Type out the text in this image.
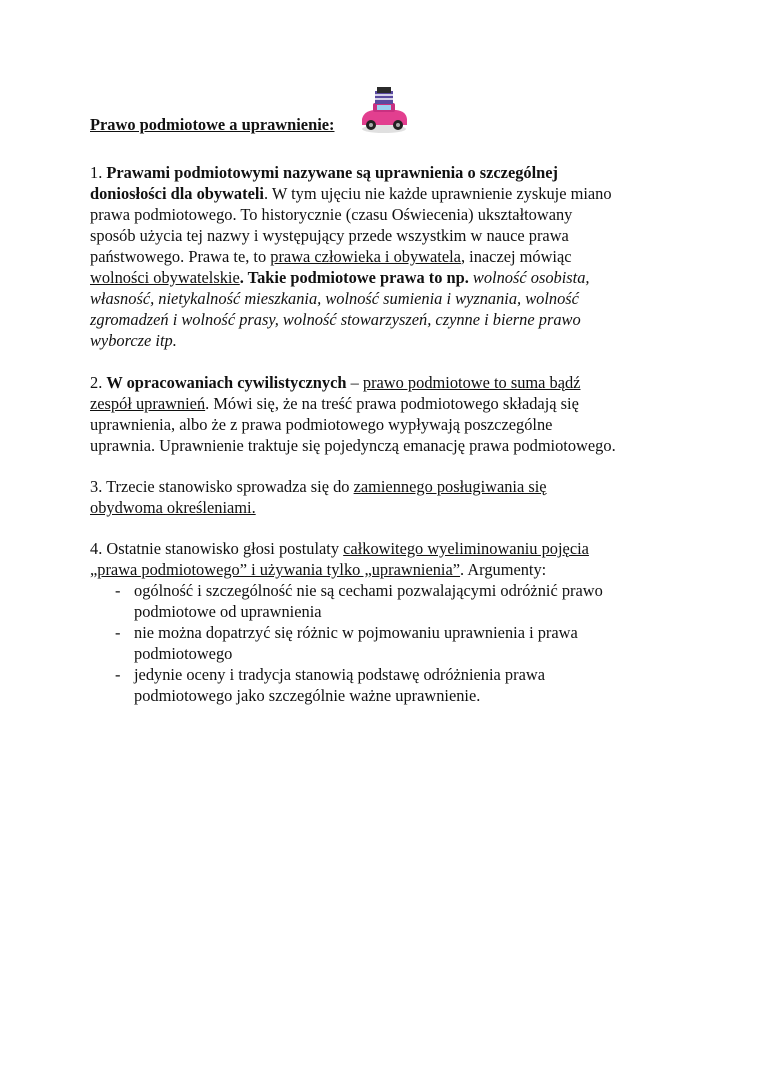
Prawo podmiotowe a uprawnienie:
1. Prawami podmiotowymi nazywane są uprawnienia o szczególnej
doniosłości dla obywateli. W tym ujęciu nie każde uprawnienie zyskuje miano
prawa podmiotowego. To historycznie (czasu Oświecenia) ukształtowany
sposób użycia tej nazwy i występujący przede wszystkim w nauce prawa
państwowego. Prawa te, to prawa człowieka i obywatela, inaczej mówiąc
wolności obywatelskie. Takie podmiotowe prawa to np. wolność osobista,
własność, nietykalność mieszkania, wolność sumienia i wyznania, wolność
zgromadzeń i wolność prasy, wolność stowarzyszeń, czynne i bierne prawo
wyborcze itp.
2. W opracowaniach cywilistycznych – prawo podmiotowe to suma bądź
zespół uprawnień. Mówi się, że na treść prawa podmiotowego składają się
uprawnienia, albo że z prawa podmiotowego wypływają poszczególne
uprawnia. Uprawnienie traktuje się pojedynczą emanację prawa podmiotowego.
3. Trzecie stanowisko sprowadza się do zamiennego posługiwania się
obydwoma określeniami.
4. Ostatnie stanowisko głosi postulaty całkowitego wyeliminowaniu pojęcia
„prawa podmiotowego” i używania tylko „uprawnienia”. Argumenty:
- ogólność i szczególność nie są cechami pozwalającymi odróżnić prawo
podmiotowe od uprawnienia
- nie można dopatrzyć się różnic w pojmowaniu uprawnienia i prawa
podmiotowego
- jedynie oceny i tradycja stanowią podstawę odróżnienia prawa
podmiotowego jako szczególnie ważne uprawnienie.
